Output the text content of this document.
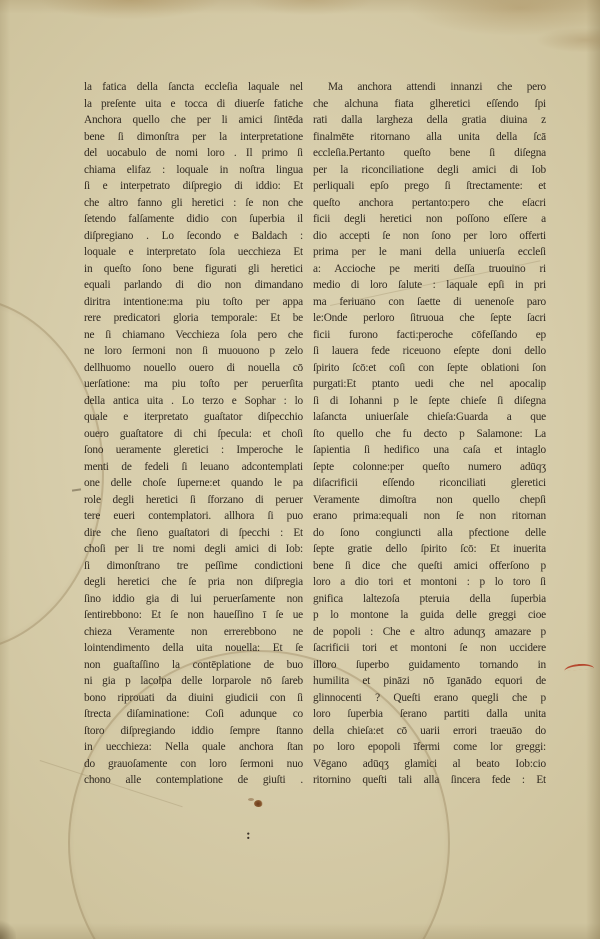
la fatica della ſancta eccleſia laquale nel
la preſente uita e tocca di diuerſe fatiche
Anchora quello che per li amici ſintēda
bene ſi dimonſtra per la interpretatione
del uocabulo de nomi loro . Il primo ſi
chiama elifaz : loquale in noſtra lingua
ſi e interpetrato diſpregio di iddio: Et
che altro fanno gli heretici : ſe non che
ſetendo falſamente didio con ſuperbia il
diſpregiano . Lo ſecondo e Baldach :
loquale e interpretato ſola uecchieza Et
in queſto ſono bene figurati gli heretici
equali parlando di dio non dimandano
diritra intentione:ma piu toſto per appa
rere predicatori gloria temporale: Et be
ne ſi chiamano Vecchieza ſola pero che
ne loro ſermoni non ſi muouono p zelo
dellhuomo nouello ouero di nouella cō
uerſatione: ma piu toſto per peruerſita
della antica uita . Lo terzo e Sophar : lo
quale e iterpretato guaſtator diſpecchio
ouero guaſtatore di chi ſpecula: et choſi
ſono ueramente gleretici : Imperoche le
menti de fedeli ſi leuano adcontemplati
one delle choſe ſuperne:et quando le pa
role degli heretici ſi ſforzano di peruer
tere eueri contemplatori. allhora ſi puo
dire che ſieno guaſtatori di ſpecchi : Et
choſi per li tre nomi degli amici di Iob:
ſi dimonſtrano tre peſſime condictioni
degli heretici che ſe pria non diſpregia
ſino iddio gia di lui peruerſamente non
ſentirebbono: Et ſe non haueſſino ī ſe ue
chieza Veramente non errerebbono ne
lointendimento della uita nouella: Et ſe
non guaſtaſſino la contēplatione de buo
ni gia p lacolpa delle lorparole nō ſareb
bono riprouati da diuini giudicii con ſi
ſtrecta diſaminatione: Coſi adunque co
ſtoro diſpregiando iddio ſempre ſtanno
in uecchieza: Nella quale anchora ſtan
do grauoſamente con loro ſermoni nuo
chono alle contemplatione de giuſti .
Ma anchora attendi innanzi che pero
che alchuna fiata glheretici eſſendo ſpi
rati dalla largheza della gratia diuina z
finalmēte ritornano alla unita della ſcā
eccleſia.Pertanto queſto bene ſi diſegna
per la riconciliatione degli amici di Iob
perliquali epſo prego ſi ſtrectamente: et
queſto anchora pertanto:pero che eſacri
ficii degli heretici non poſſono eſſere a
dio accepti ſe non ſono per loro offerti
prima per le mani della uniuerſa eccleſi
a: Accioche pe meriti deſſa truouino ri
medio di loro ſalute : laquale epſi in pri
ma feriuano con ſaette di uenenoſe paro
le:Onde perloro ſitruoua che ſepte ſacri
ficii furono facti:peroche cōfeſſando ep
ſi lauera fede riceuono eſepte doni dello
ſpirito ſcō:et coſi con ſepte oblationi ſon
purgati:Et ptanto uedi che nel apocalip
ſi di Iohanni p le ſepte chieſe ſi diſegna
laſancta uniuerſale chieſa:Guarda a que
ſto quello che fu decto p Salamone: La
ſapientia ſi hedifico una caſa et intaglo
ſepte colonne:per queſto numero adūqʒ
diſacrificii eſſendo riconciliati gleretici
Veramente dimoſtra non quello chepſi
erano prima:equali non ſe non ritornan
do ſono congiuncti alla pfectione delle
ſepte gratie dello ſpirito ſcō: Et inuerita
bene ſi dice che queſti amici offerſono p
loro a dio tori et montoni : p lo toro ſi
gnifica laltezoſa pteruia della ſuperbia
p lo montone la guida delle greggi cioe
de popoli : Che e altro adunqʒ amazare p
ſacrificii tori et montoni ſe non uccidere
illoro ſuperbo guidamento tornando in
humilita et pināzi nō īganādo equori de
glinnocenti ? Queſti erano quegli che p
loro ſuperbia ſerano partiti dalla unita
della chieſa:et cō uarii errori traeuāo do
po loro epopoli īfermi come lor greggi:
Vēgano adūqʒ glamici al beato Iob:cio
ritornino queſti tali alla ſincera fede : Et
:
